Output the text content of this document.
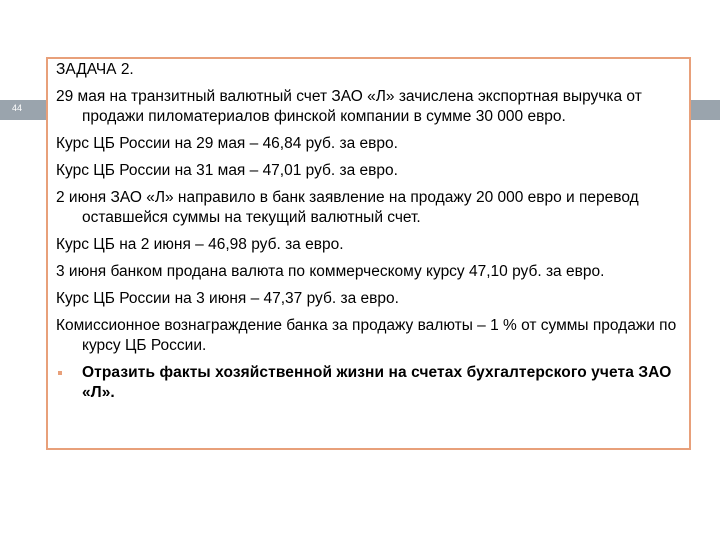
44
ЗАДАЧА 2.

29 мая на транзитный валютный счет ЗАО «Л» зачислена экспортная выручка от продажи пиломатериалов финской компании в сумме 30 000 евро.

Курс ЦБ России на 29 мая – 46,84 руб. за евро.

Курс ЦБ России на 31 мая – 47,01 руб. за евро.

2 июня ЗАО «Л» направило в банк заявление на продажу 20 000 евро и перевод оставшейся суммы на текущий валютный счет.

Курс ЦБ на 2 июня – 46,98 руб. за евро.

3 июня банком продана валюта по коммерческому курсу 47,10 руб. за евро.

Курс ЦБ России на 3 июня – 47,37 руб. за евро.

Комиссионное вознаграждение банка за продажу валюты – 1 % от суммы продажи по курсу ЦБ России.

Отразить факты хозяйственной жизни на счетах бухгалтерского учета ЗАО «Л».
